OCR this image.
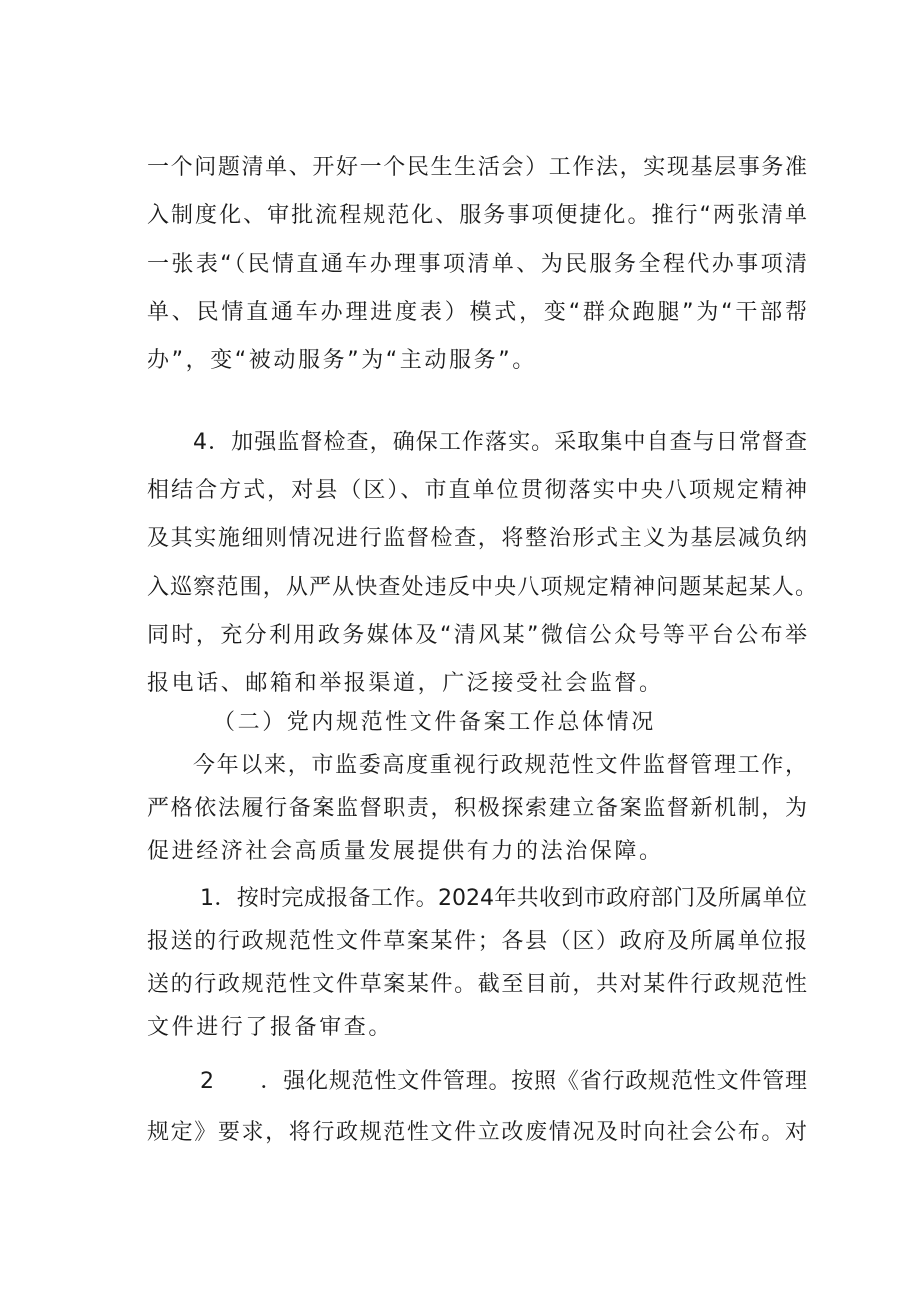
一个问题清单、开好一个民生生活会）工作法，实现基层事务准
入制度化、审批流程规范化、服务事项便捷化。推行“两张清单
一张表“（民情直通车办理事项清单、为民服务全程代办事项清
单、民情直通车办理进度表）模式，变“群众跑腿”为“干部帮
办”，变“被动服务”为“主动服务”。
4．加强监督检查，确保工作落实。采取集中自查与日常督查
相结合方式，对县（区）、市直单位贯彻落实中央八项规定精神
及其实施细则情况进行监督检查，将整治形式主义为基层减负纳
入巡察范围，从严从快查处违反中央八项规定精神问题某起某人。
同时，充分利用政务媒体及“清风某”微信公众号等平台公布举
报电话、邮箱和举报渠道，广泛接受社会监督。
（二）党内规范性文件备案工作总体情况
今年以来，市监委高度重视行政规范性文件监督管理工作，
严格依法履行备案监督职责，积极探索建立备案监督新机制，为
促进经济社会高质量发展提供有力的法治保障。
1．按时完成报备工作。2024年共收到市政府部门及所属单位
报送的行政规范性文件草案某件；各县（区）政府及所属单位报
送的行政规范性文件草案某件。截至目前，共对某件行政规范性
文件进行了报备审查。
2　　．强化规范性文件管理。按照《省行政规范性文件管理
规定》要求，将行政规范性文件立改废情况及时向社会公布。对
